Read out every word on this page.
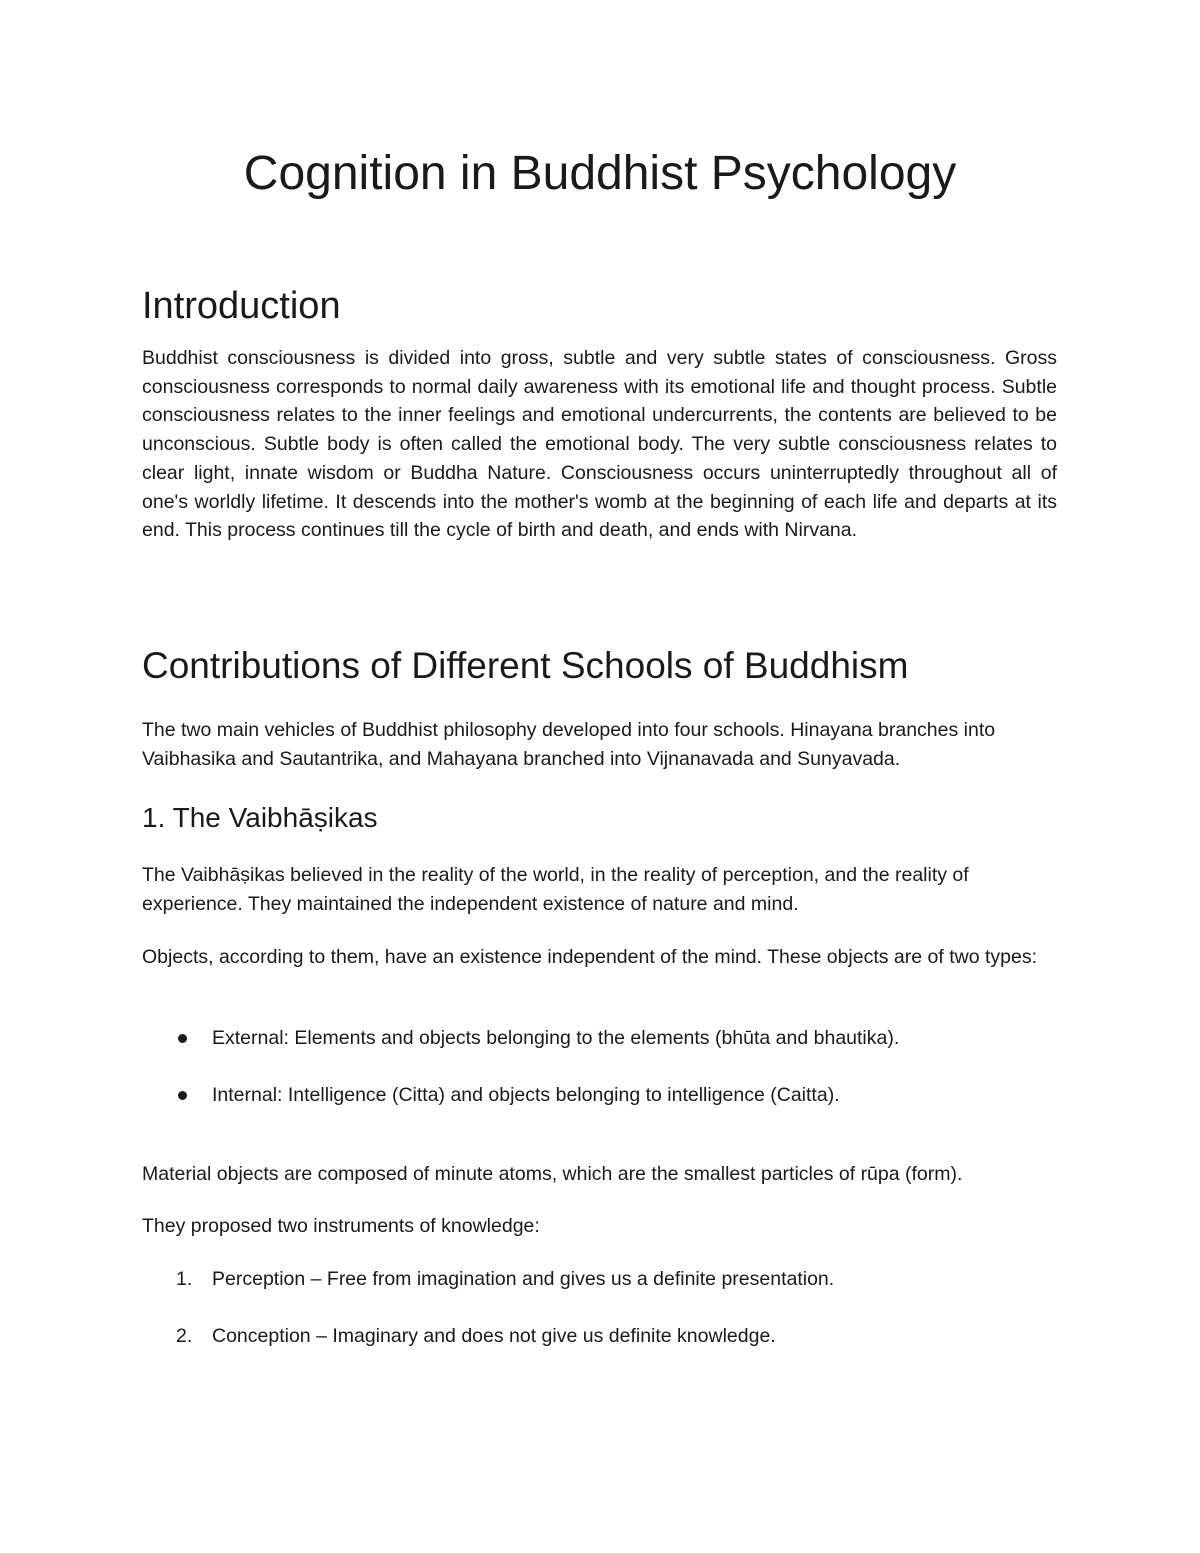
Cognition in Buddhist Psychology
Introduction

Buddhist consciousness is divided into gross, subtle and very subtle states of consciousness. Gross consciousness corresponds to normal daily awareness with its emotional life and thought process. Subtle consciousness relates to the inner feelings and emotional undercurrents, the contents are believed to be unconscious. Subtle body is often called the emotional body. The very subtle consciousness relates to clear light, innate wisdom or Buddha Nature. Consciousness occurs uninterruptedly throughout all of one's worldly lifetime. It descends into the mother's womb at the beginning of each life and departs at its end. This process continues till the cycle of birth and death, and ends with Nirvana.

Contributions of Different Schools of Buddhism

The two main vehicles of Buddhist philosophy developed into four schools. Hinayana branches into Vaibhasika and Sautantrika, and Mahayana branched into Vijnanavada and Sunyavada.

1. The Vaibhāṣikas

The Vaibhāṣikas believed in the reality of the world, in the reality of perception, and the reality of experience. They maintained the independent existence of nature and mind.

Objects, according to them, have an existence independent of the mind. These objects are of two types:

External: Elements and objects belonging to the elements (bhūta and bhautika).
Internal: Intelligence (Citta) and objects belonging to intelligence (Caitta).

Material objects are composed of minute atoms, which are the smallest particles of rūpa (form).

They proposed two instruments of knowledge:

1. Perception – Free from imagination and gives us a definite presentation.
2. Conception – Imaginary and does not give us definite knowledge.
